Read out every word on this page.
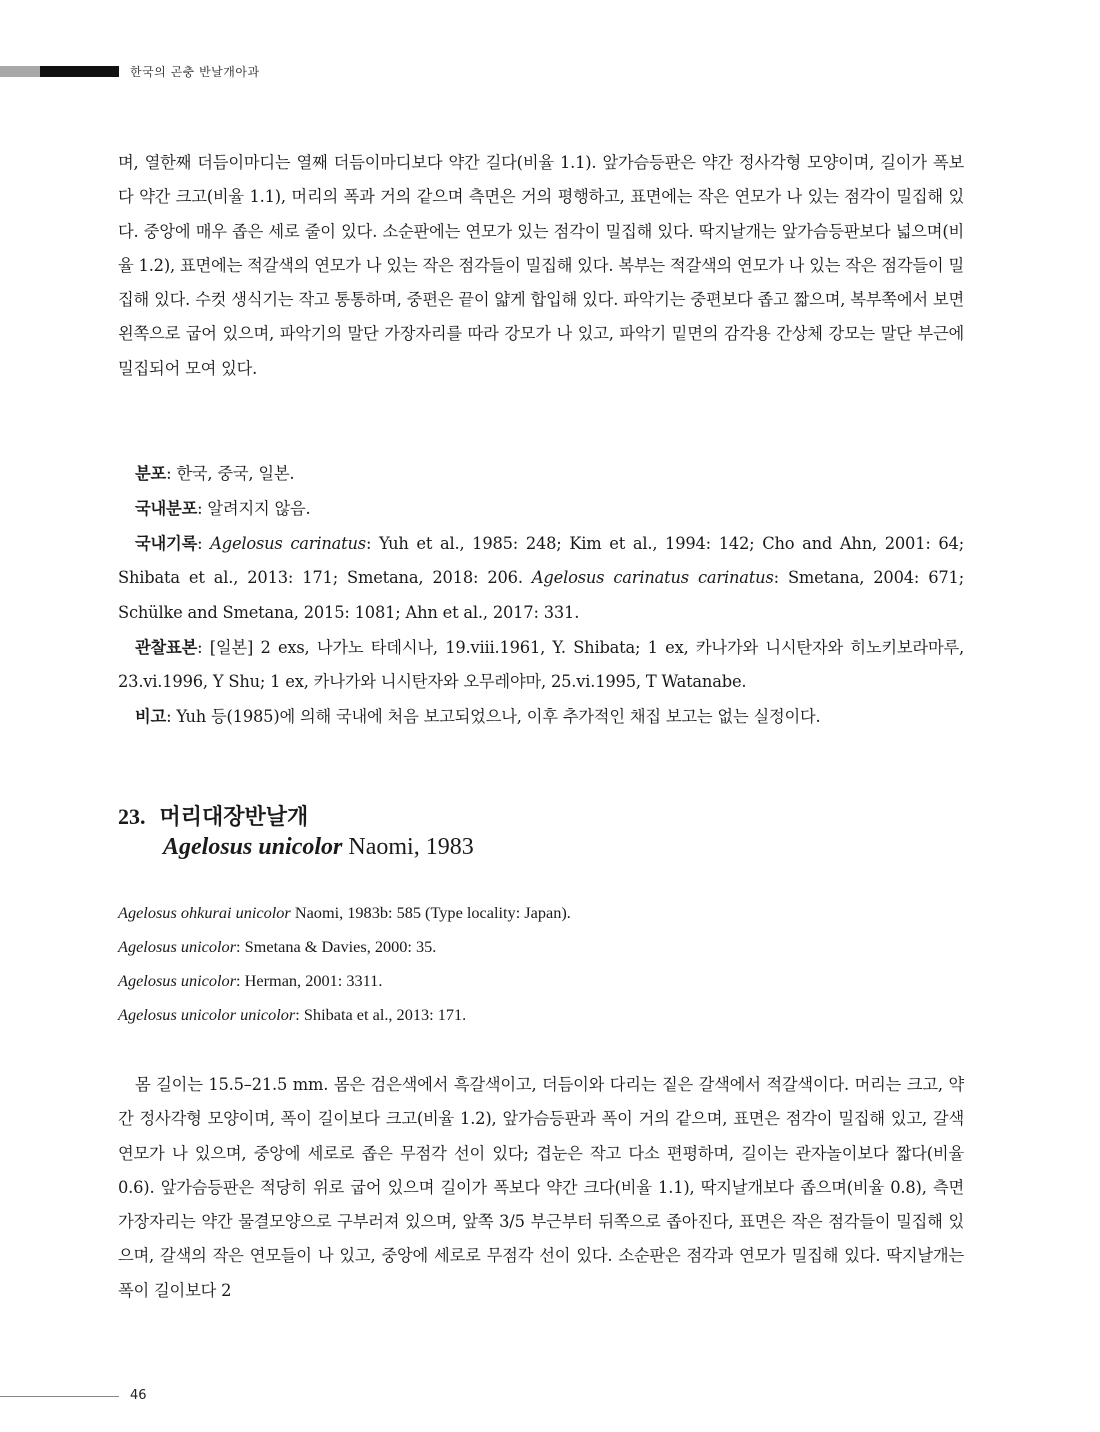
한국의 곤충 반날개아과

며, 열한째 더듬이마디는 열째 더듬이마디보다 약간 길다(비율 1.1). 앞가슴등판은 약간 정사각형 모양이며, 길이가 폭보다 약간 크고(비율 1.1), 머리의 폭과 거의 같으며 측면은 거의 평행하고, 표면에는 작은 연모가 나 있는 점각이 밀집해 있다. 중앙에 매우 좁은 세로 줄이 있다. 소순판에는 연모가 있는 점각이 밀집해 있다. 딱지날개는 앞가슴등판보다 넓으며(비율 1.2), 표면에는 적갈색의 연모가 나 있는 작은 점각들이 밀집해 있다. 복부는 적갈색의 연모가 나 있는 작은 점각들이 밀집해 있다. 수컷 생식기는 작고 통통하며, 중편은 끝이 얇게 합입해 있다. 파악기는 중편보다 좁고 짧으며, 복부쪽에서 보면 왼쪽으로 굽어 있으며, 파악기의 말단 가장자리를 따라 강모가 나 있고, 파악기 밑면의 감각용 간상체 강모는 말단 부근에 밀집되어 모여 있다.

분포: 한국, 중국, 일본.

국내분포: 알려지지 않음.

국내기록: Agelosus carinatus: Yuh et al., 1985: 248; Kim et al., 1994: 142; Cho and Ahn, 2001: 64; Shibata et al., 2013: 171; Smetana, 2018: 206. Agelosus carinatus carinatus: Smetana, 2004: 671; Schülke and Smetana, 2015: 1081; Ahn et al., 2017: 331.

관찰표본: [일본] 2 exs, 나가노 타데시나, 19.viii.1961, Y. Shibata; 1 ex, 카나가와 니시탄자와 히노키보라마루, 23.vi.1996, Y Shu; 1 ex, 카나가와 니시탄자와 오무레야마, 25.vi.1995, T Watanabe.

비고: Yuh 등(1985)에 의해 국내에 처음 보고되었으나, 이후 추가적인 채집 보고는 없는 실정이다.

23. 머리대장반날개
Agelosus unicolor Naomi, 1983

Agelosus ohkurai unicolor Naomi, 1983b: 585 (Type locality: Japan).

Agelosus unicolor: Smetana & Davies, 2000: 35.

Agelosus unicolor: Herman, 2001: 3311.

Agelosus unicolor unicolor: Shibata et al., 2013: 171.

몸 길이는 15.5–21.5 mm. 몸은 검은색에서 흑갈색이고, 더듬이와 다리는 짙은 갈색에서 적갈색이다. 머리는 크고, 약간 정사각형 모양이며, 폭이 길이보다 크고(비율 1.2), 앞가슴등판과 폭이 거의 같으며, 표면은 점각이 밀집해 있고, 갈색 연모가 나 있으며, 중앙에 세로로 좁은 무점각 선이 있다; 겹눈은 작고 다소 편평하며, 길이는 관자놀이보다 짧다(비율 0.6). 앞가슴등판은 적당히 위로 굽어 있으며 길이가 폭보다 약간 크다(비율 1.1), 딱지날개보다 좁으며(비율 0.8), 측면 가장자리는 약간 물결모양으로 구부러져 있으며, 앞쪽 3/5 부근부터 뒤쪽으로 좁아진다, 표면은 작은 점각들이 밀집해 있으며, 갈색의 작은 연모들이 나 있고, 중앙에 세로로 무점각 선이 있다. 소순판은 점각과 연모가 밀집해 있다. 딱지날개는 폭이 길이보다 2

46
